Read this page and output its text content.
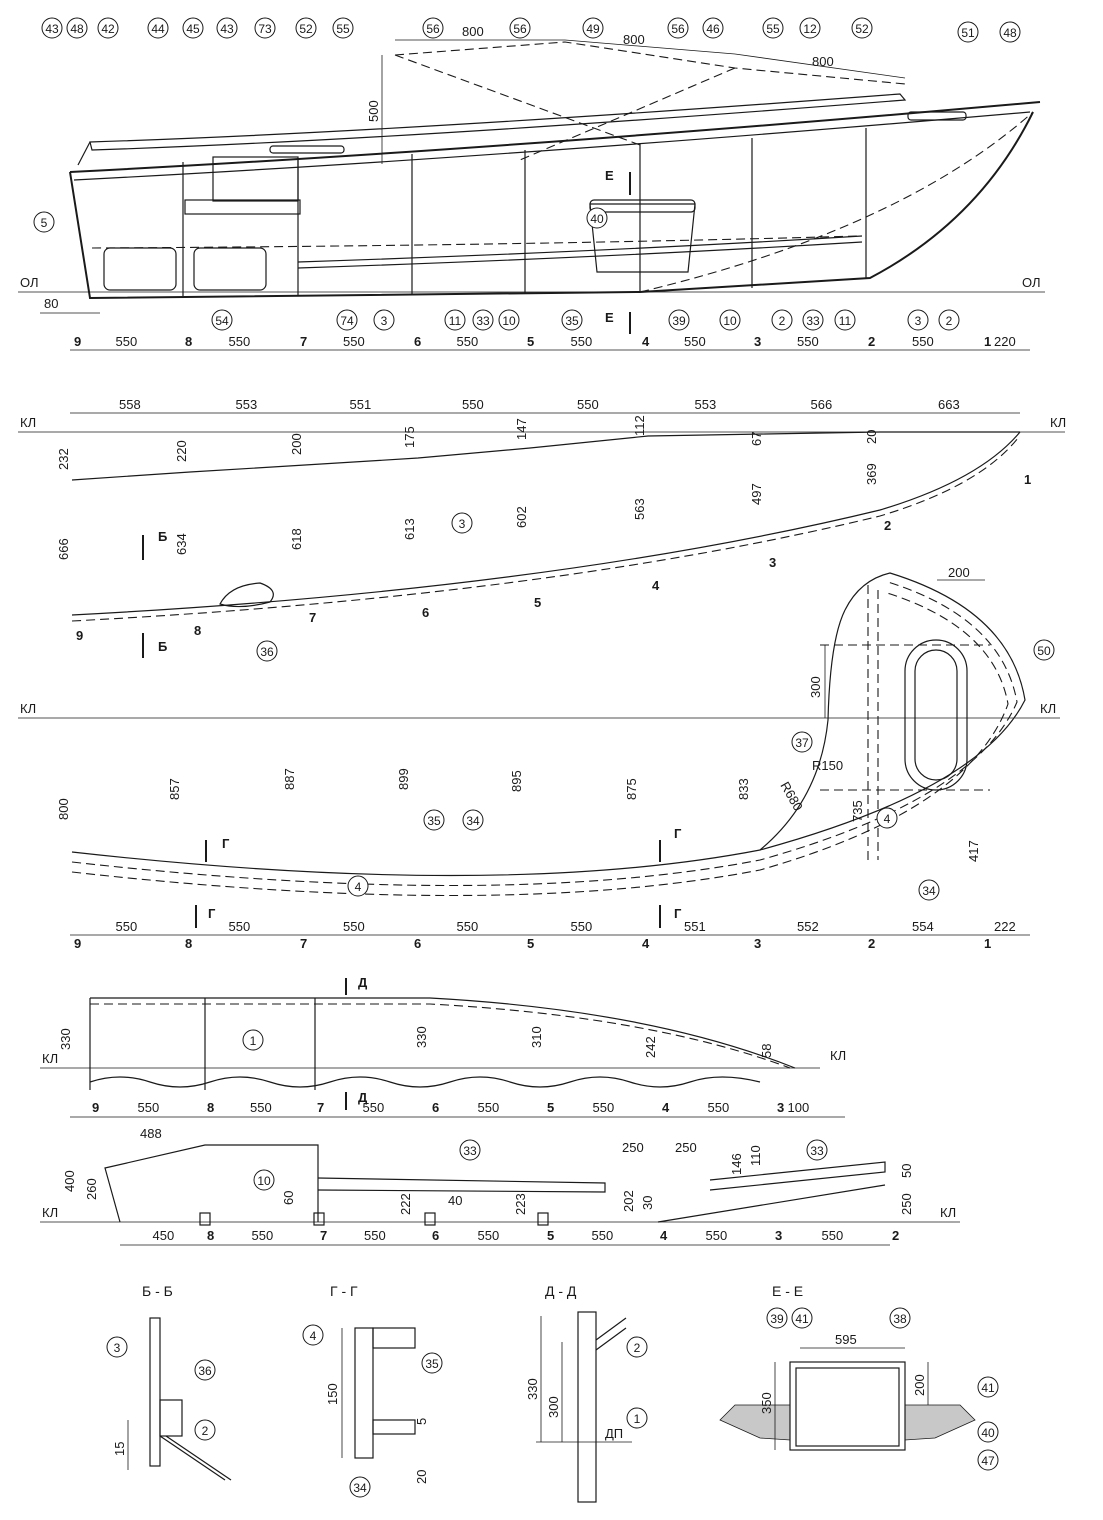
ОЛ	ОЛ
Е
Е
800
800
800
500
80
9	8	7	6	5	4	3	2	1
550	550	550	550	550	550	550	550	220
43 48 42	44 45 43 73 52 55	56	56	49	56 46	55 12	52	51 48
5	40
54	74 3	11 33 10	35	39	10	2 33 11	3 2
КЛ	КЛ
Б
Б
558	553	551	550	550	553	566	663
232	220	200	175	147	112
67	20
666	634	618	613
602	563
497
369
9	8
7	6
5
4
3
2
1
3
36
КЛ	КЛ
200
300
R150
R680
Г
Г
Г
Г
800
857	887	899	895	875	833
735
417
550	550	550	550	550	551	552	554	222
9	8	7	6	5	4	3	2	1
50
37
4
35 34
4	34
КЛ	КЛ
Д
Д
330	330	310	242	58
9	8	7	6	5	4	3
550	550	550	550	550	550	100
1
КЛ	КЛ
488
400 260	60	222	40	223	202 30
250 250
146 110
50
250
8	7	6	5	4	3	2
450	550	550	550	550	550	550
10
33	33
Б - Б
15
Г - Г
150
5
20
Д - Д
330
300
ДП
Е - Е
595
350
200
3
36
2
4
35
34
2
1
39 41	38
41
40
47
